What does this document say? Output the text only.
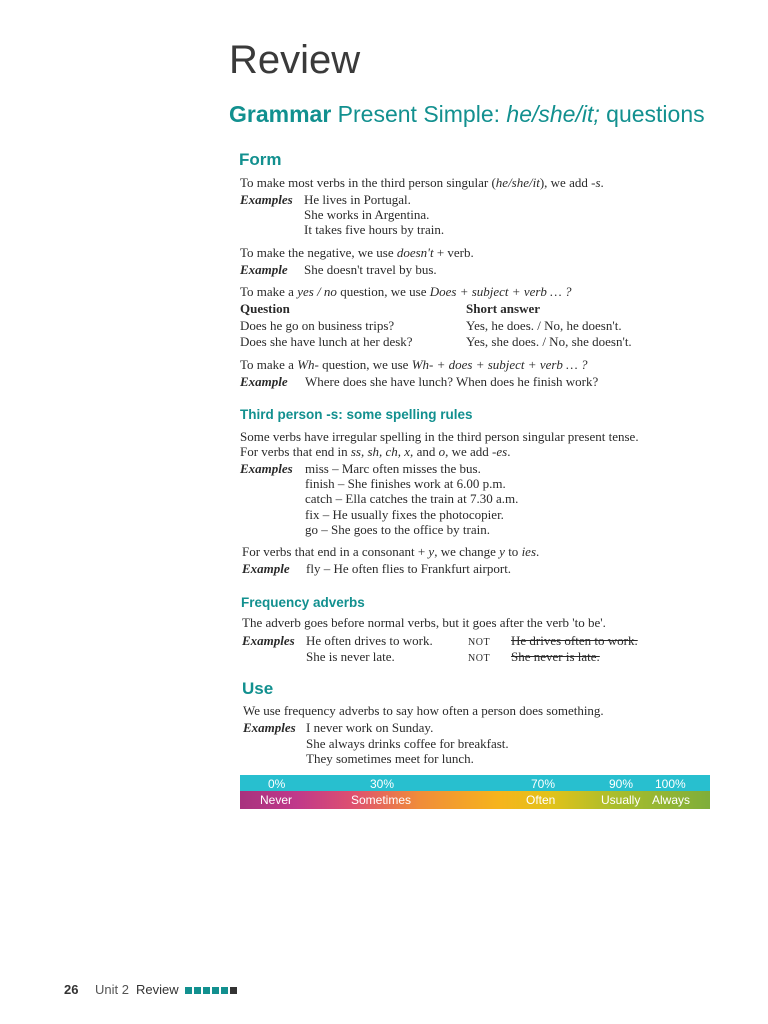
Review
Grammar Present Simple: he/she/it; questions
Form
To make most verbs in the third person singular (he/she/it), we add -s.
Examples He lives in Portugal.
She works in Argentina.
It takes five hours by train.
To make the negative, we use doesn't + verb.
Example She doesn't travel by bus.
To make a yes / no question, we use Does + subject + verb … ?
Question	Short answer
Does he go on business trips?	Yes, he does. / No, he doesn't.
Does she have lunch at her desk?	Yes, she does. / No, she doesn't.
To make a Wh- question, we use Wh- + does + subject + verb … ?
Example Where does she have lunch? When does he finish work?
Third person -s: some spelling rules
Some verbs have irregular spelling in the third person singular present tense.
For verbs that end in ss, sh, ch, x, and o, we add -es.
Examples miss – Marc often misses the bus.
finish – She finishes work at 6.00 p.m.
catch – Ella catches the train at 7.30 a.m.
fix – He usually fixes the photocopier.
go – She goes to the office by train.
For verbs that end in a consonant + y, we change y to ies.
Example fly – He often flies to Frankfurt airport.
Frequency adverbs
The adverb goes before normal verbs, but it goes after the verb 'to be'.
Examples He often drives to work.	NOT He drives often to work.
She is never late.	NOT She never is late.
Use
We use frequency adverbs to say how often a person does something.
Examples I never work on Sunday.
She always drinks coffee for breakfast.
They sometimes meet for lunch.
0%	30%	70%	90% 100%
Never	Sometimes	Often	Usually Always
26 Unit 2 Review
